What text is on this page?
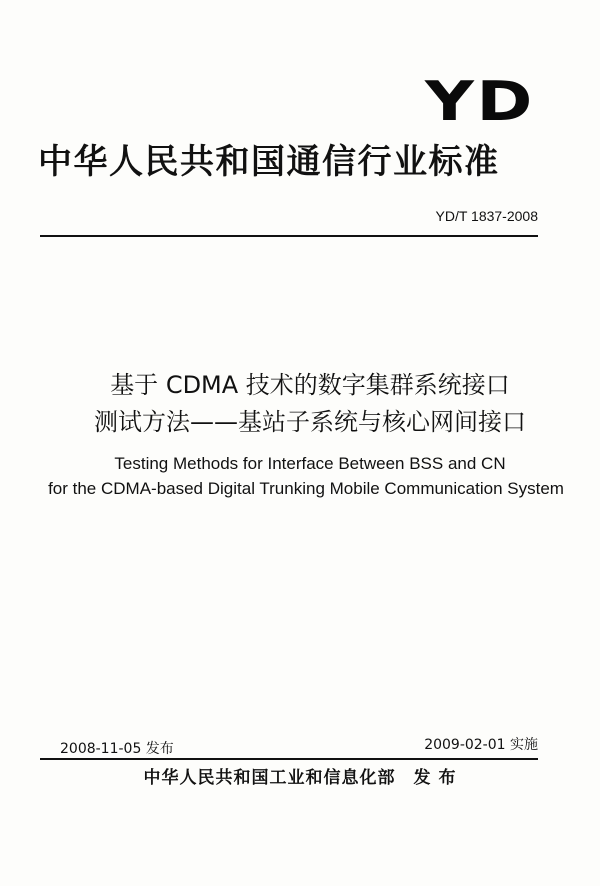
YD
中华人民共和国通信行业标准
YD/T 1837-2008
基于 CDMA 技术的数字集群系统接口
测试方法——基站子系统与核心网间接口
Testing Methods for Interface Between BSS and CN
for the CDMA-based Digital Trunking Mobile Communication System
2008-11-05 发布	2009-02-01 实施
中华人民共和国工业和信息化部 发 布
